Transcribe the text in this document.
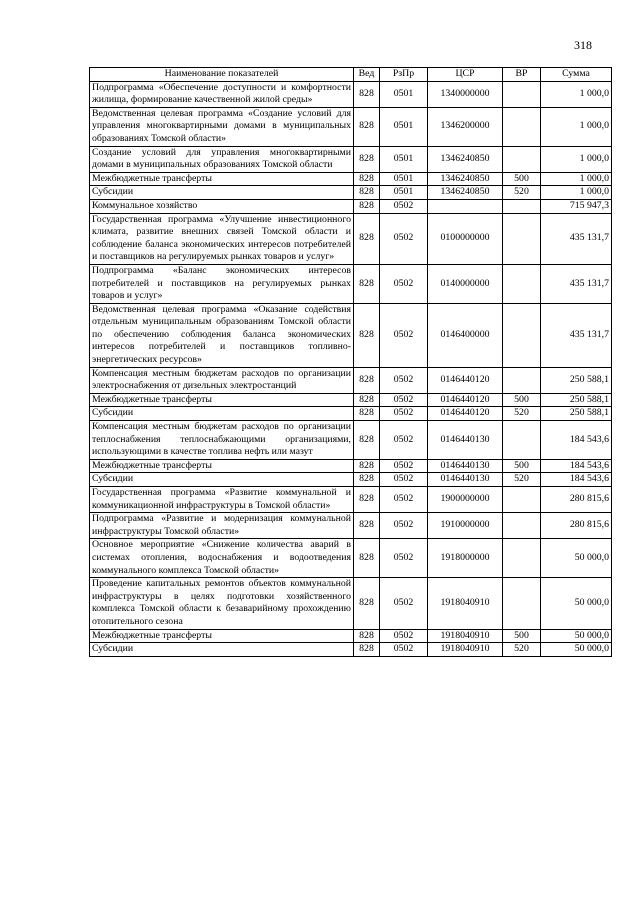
318
Наименование показателей	Вед	РзПр	ЦСР	ВР	Сумма
Подпрограмма «Обеспечение доступности и комфортности жилища, формирование качественной жилой среды»	828	0501	1340000000		1 000,0
Ведомственная целевая программа «Создание условий для управления многоквартирными домами в муниципальных образованиях Томской области»	828	0501	1346200000		1 000,0
Создание условий для управления многоквартирными домами в муниципальных образованиях Томской области	828	0501	1346240850		1 000,0
Межбюджетные трансферты	828	0501	1346240850	500	1 000,0
Субсидии	828	0501	1346240850	520	1 000,0
Коммунальное хозяйство	828	0502			715 947,3
Государственная программа «Улучшение инвестиционного климата, развитие внешних связей Томской области и соблюдение баланса экономических интересов потребителей и поставщиков на регулируемых рынках товаров и услуг»	828	0502	0100000000		435 131,7
Подпрограмма «Баланс экономических интересов потребителей и поставщиков на регулируемых рынках товаров и услуг»	828	0502	0140000000		435 131,7
Ведомственная целевая программа «Оказание содействия отдельным муниципальным образованиям Томской области по обеспечению соблюдения баланса экономических интересов потребителей и поставщиков топливно-энергетических ресурсов»	828	0502	0146400000		435 131,7
Компенсация местным бюджетам расходов по организации электроснабжения от дизельных электростанций	828	0502	0146440120		250 588,1
Межбюджетные трансферты	828	0502	0146440120	500	250 588,1
Субсидии	828	0502	0146440120	520	250 588,1
Компенсация местным бюджетам расходов по организации теплоснабжения теплоснабжающими организациями, использующими в качестве топлива нефть или мазут	828	0502	0146440130		184 543,6
Межбюджетные трансферты	828	0502	0146440130	500	184 543,6
Субсидии	828	0502	0146440130	520	184 543,6
Государственная программа «Развитие коммунальной и коммуникационной инфраструктуры в Томской области»	828	0502	1900000000		280 815,6
Подпрограмма «Развитие и модернизация коммунальной инфраструктуры Томской области»	828	0502	1910000000		280 815,6
Основное мероприятие «Снижение количества аварий в системах отопления, водоснабжения и водоотведения коммунального комплекса Томской области»	828	0502	1918000000		50 000,0
Проведение капитальных ремонтов объектов коммунальной инфраструктуры в целях подготовки хозяйственного комплекса Томской области к безаварийному прохождению отопительного сезона	828	0502	1918040910		50 000,0
Межбюджетные трансферты	828	0502	1918040910	500	50 000,0
Субсидии	828	0502	1918040910	520	50 000,0
